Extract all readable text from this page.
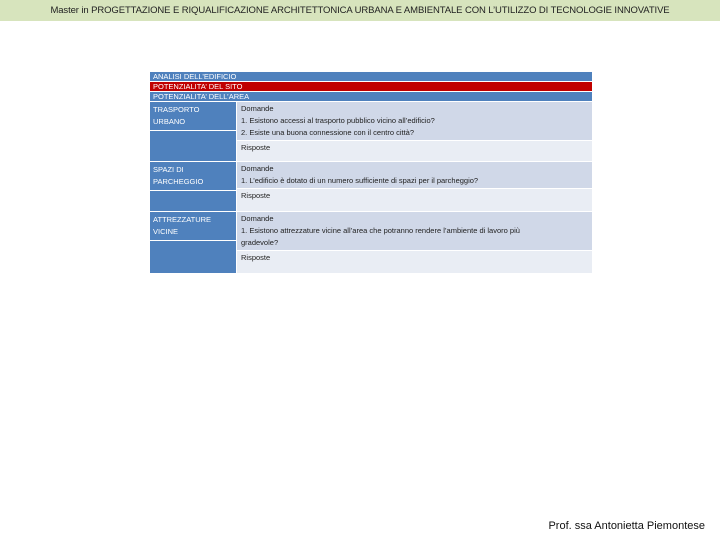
Master in PROGETTAZIONE E RIQUALIFICAZIONE ARCHITETTONICA URBANA E AMBIENTALE CON L’UTILIZZO DI TECNOLOGIE INNOVATIVE
ANALISI DELL’EDIFICIO
POTENZIALITA’ DEL SITO
POTENZIALITA’ DELL’AREA
TRASPORTO
URBANO
Domande
1. Esistono accessi al trasporto pubblico vicino all’edificio?
2. Esiste una buona connessione con il centro città?
Risposte
SPAZI DI
PARCHEGGIO
Domande
1. L’edificio è dotato di un numero sufficiente di spazi per il parcheggio?
Risposte
ATTREZZATURE
VICINE
Domande
1. Esistono attrezzature vicine all’area che potranno rendere l’ambiente di lavoro più
gradevole?
Risposte
Prof. ssa Antonietta Piemontese
